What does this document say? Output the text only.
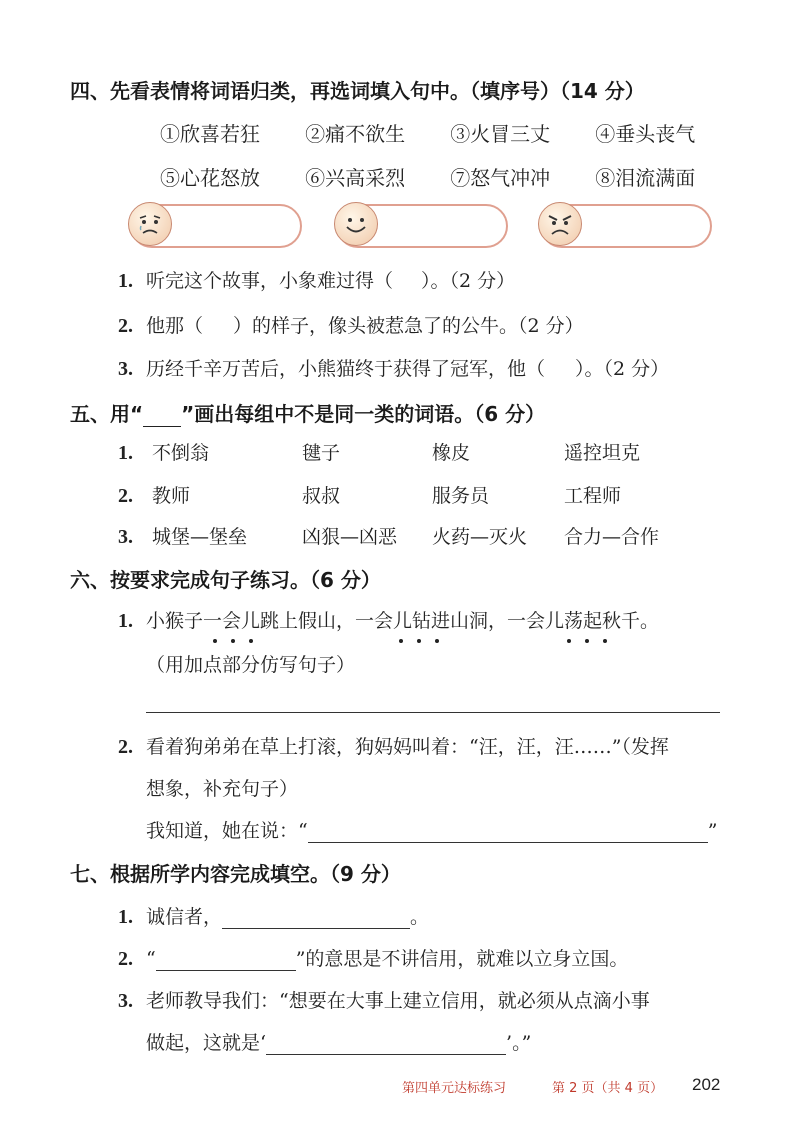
四、先看表情将词语归类，再选词填入句中。（填序号）（14 分）
①欣喜若狂 ②痛不欲生 ③火冒三丈 ④垂头丧气
⑤心花怒放 ⑥兴高采烈 ⑦怒气冲冲 ⑧泪流满面
1. 听完这个故事，小象难过得（ ）。（2 分）
2. 他那（ ）的样子，像头被惹急了的公牛。（2 分）
3. 历经千辛万苦后，小熊猫终于获得了冠军，他（ ）。（2 分）
五、用“ ”画出每组中不是同一类的词语。（6 分）
1. 不倒翁	毽子	橡皮	遥控坦克
2. 教师	叔叔	服务员	工程师
3. 城堡—堡垒	凶狠—凶恶 火药—灭火 合力—合作
六、按要求完成句子练习。（6 分）
1. 小猴子一会儿跳上假山，一会儿钻进山洞，一会儿荡起秋千。
（用加点部分仿写句子）
2. 看着狗弟弟在草上打滚，狗妈妈叫着：“汪，汪，汪……”（发挥
想象，补充句子）
我知道，她在说：“	”
七、根据所学内容完成填空。（9 分）
1. 诚信者，	。
2. “	”的意思是不讲信用，就难以立身立国。
3. 老师教导我们：“想要在大事上建立信用，就必须从点滴小事
做起，这就是‘	’。”
第四单元达标练习	第 2 页（共 4 页） 202
